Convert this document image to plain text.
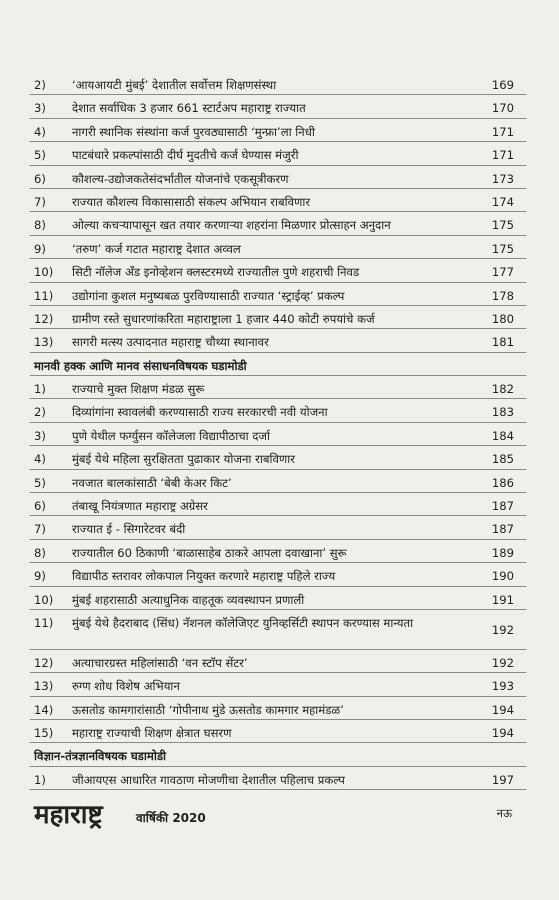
2) ‘आयआयटी मुंबई’ देशातील सर्वोत्तम शिक्षणसंस्था	169
3) देशात सर्वाधिक 3 हजार 661 स्टार्टअप महाराष्ट्र राज्यात	170
4) नागरी स्थानिक संस्थांना कर्ज पुरवठ्यासाठी ‘मुन्फ्रा’ला निधी	171
5) पाटबंधारे प्रकल्पांसाठी दीर्घ मुदतीचे कर्ज घेण्यास मंजुरी	171
6) कौशल्य-उद्योजकतेसंदर्भातील योजनांचे एकसूत्रीकरण	173
7) राज्यात कौशल्य विकासासाठी संकल्प अभियान राबविणार	174
8) ओल्या कचऱ्यापासून खत तयार करणाऱ्या शहरांना मिळणार प्रोत्साहन अनुदान	175
9) ‘तरुण’ कर्ज गटात महाराष्ट्र देशात अव्वल	175
10) सिटी नॉलेज अँड इनोव्हेशन क्लस्टरमध्ये राज्यातील पुणे शहराची निवड	177
11) उद्योगांना कुशल मनुष्यबळ पुरविण्यासाठी राज्यात ‘स्ट्राईव्ह’ प्रकल्प	178
12) ग्रामीण रस्ते सुधारणांकरिता महाराष्ट्राला 1 हजार 440 कोटी रुपयांचे कर्ज	180
13) सागरी मत्स्य उत्पादनात महाराष्ट्र चौथ्या स्थानावर	181
मानवी हक्क आणि मानव संसाधनविषयक घडामोडी
1) राज्याचे मुक्त शिक्षण मंडळ सुरू	182
2) दिव्यांगांना स्वावलंबी करण्यासाठी राज्य सरकारची नवी योजना	183
3) पुणे येथील फर्ग्युसन कॉलेजला विद्यापीठाचा दर्जा	184
4) मुंबई येथे महिला सुरक्षितता पुढाकार योजना राबविणार	185
5) नवजात बालकांसाठी ‘बेबी केअर किट’	186
6) तंबाखू नियंत्रणात महाराष्ट्र अग्रेसर	187
7) राज्यात ई - सिगारेटवर बंदी	187
8) राज्यातील 60 ठिकाणी ‘बाळासाहेब ठाकरे आपला दवाखाना’ सुरू	189
9) विद्यापीठ स्तरावर लोकपाल नियुक्त करणारे महाराष्ट्र पहिले राज्य	190
10) मुंबई शहरासाठी अत्याधुनिक वाहतूक व्यवस्थापन प्रणाली	191
11) मुंबई येथे हैदराबाद (सिंध) नॅशनल कॉलेजिएट युनिव्हर्सिटी स्थापन करण्यास मान्यता	192
12) अत्याचारग्रस्त महिलांसाठी ‘वन स्टॉप सेंटर’	192
13) रुग्ण शोध विशेष अभियान	193
14) ऊसतोड कामगारांसाठी ‘गोपीनाथ मुंडे ऊसतोड कामगार महामंडळ’	194
15) महाराष्ट्र राज्याची शिक्षण क्षेत्रात घसरण	194
विज्ञान-तंत्रज्ञानविषयक घडामोडी
1) जीआयएस आधारित गावठाण मोजणीचा देशातील पहिलाच प्रकल्प	197
महाराष्ट्र	वार्षिकी 2020	नऊ
